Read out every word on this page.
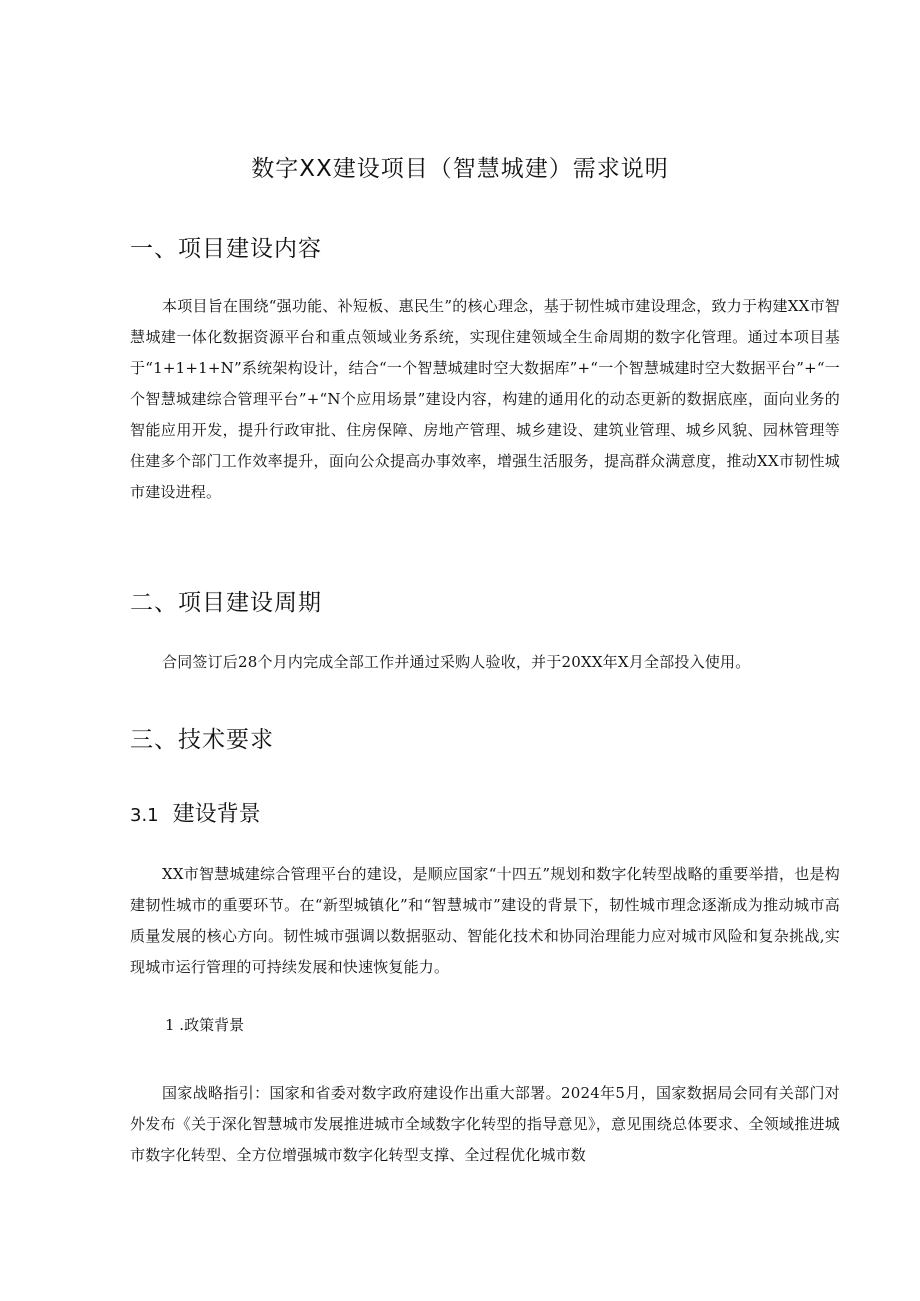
数字XX建设项目（智慧城建）需求说明
一、项目建设内容

本项目旨在围绕“强功能、补短板、惠民生”的核心理念，基于韧性城市建设理念，致力于构建XX市智慧城建一体化数据资源平台和重点领域业务系统，实现住建领域全生命周期的数字化管理。通过本项目基于“1+1+1+N”系统架构设计，结合“一个智慧城建时空大数据库”+“一个智慧城建时空大数据平台”+“一个智慧城建综合管理平台”+“N个应用场景”建设内容，构建的通用化的动态更新的数据底座，面向业务的智能应用开发，提升行政审批、住房保障、房地产管理、城乡建设、建筑业管理、城乡风貌、园林管理等住建多个部门工作效率提升，面向公众提高办事效率，增强生活服务，提高群众满意度，推动XX市韧性城市建设进程。

二、项目建设周期

合同签订后28个月内完成全部工作并通过采购人验收，并于20XX年X月全部投入使用。

三、技术要求
3.1 建设背景

XX市智慧城建综合管理平台的建设，是顺应国家“十四五”规划和数字化转型战略的重要举措，也是构建韧性城市的重要环节。在“新型城镇化”和“智慧城市”建设的背景下，韧性城市理念逐渐成为推动城市高质量发展的核心方向。韧性城市强调以数据驱动、智能化技术和协同治理能力应对城市风险和复杂挑战,实现城市运行管理的可持续发展和快速恢复能力。

1 .政策背景

国家战略指引：国家和省委对数字政府建设作出重大部署。2024年5月，国家数据局会同有关部门对外发布《关于深化智慧城市发展推进城市全域数字化转型的指导意见》，意见围绕总体要求、全领域推进城市数字化转型、全方位增强城市数字化转型支撑、全过程优化城市数
